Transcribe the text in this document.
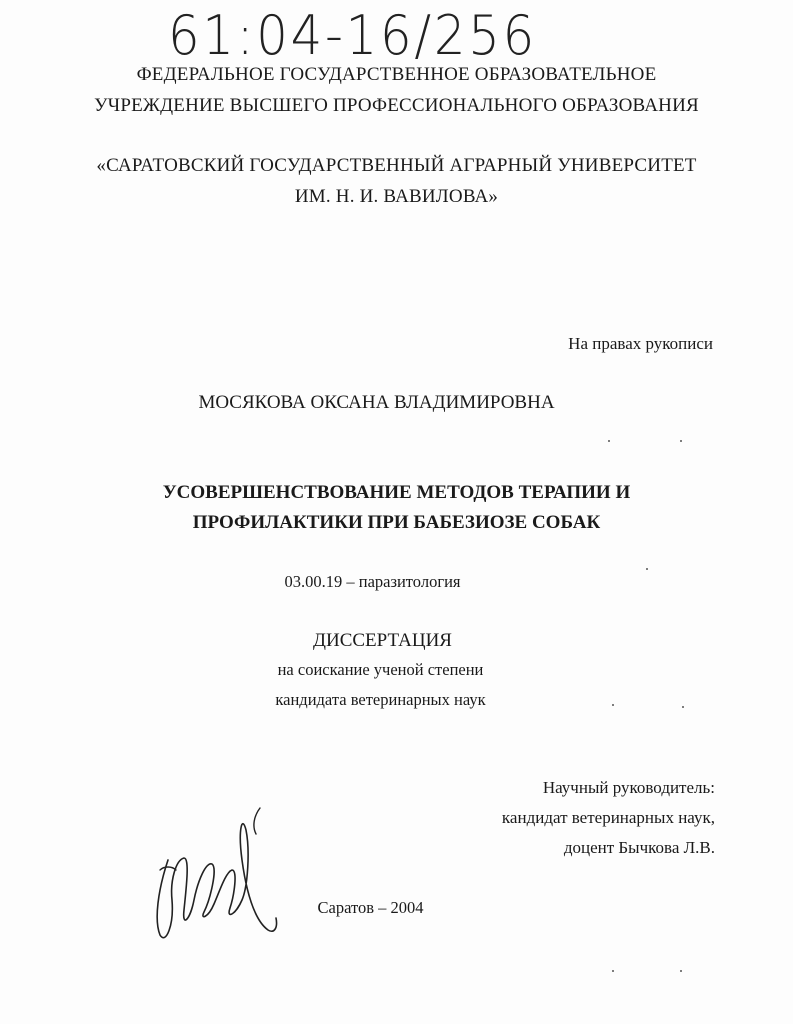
61:04-16/256
ФЕДЕРАЛЬНОЕ ГОСУДАРСТВЕННОЕ ОБРАЗОВАТЕЛЬНОЕ
УЧРЕЖДЕНИЕ ВЫСШЕГО ПРОФЕССИОНАЛЬНОГО ОБРАЗОВАНИЯ
«САРАТОВСКИЙ ГОСУДАРСТВЕННЫЙ АГРАРНЫЙ УНИВЕРСИТЕТ
ИМ. Н. И. ВАВИЛОВА»
На правах рукописи
МОСЯКОВА ОКСАНА ВЛАДИМИРОВНА
УСОВЕРШЕНСТВОВАНИЕ МЕТОДОВ ТЕРАПИИ И
ПРОФИЛАКТИКИ ПРИ БАБЕЗИОЗЕ СОБАК
03.00.19 – паразитология
ДИССЕРТАЦИЯ
на соискание ученой степени
кандидата ветеринарных наук
Научный руководитель:
кандидат ветеринарных наук,
доцент Бычкова Л.В.
Саратов – 2004
